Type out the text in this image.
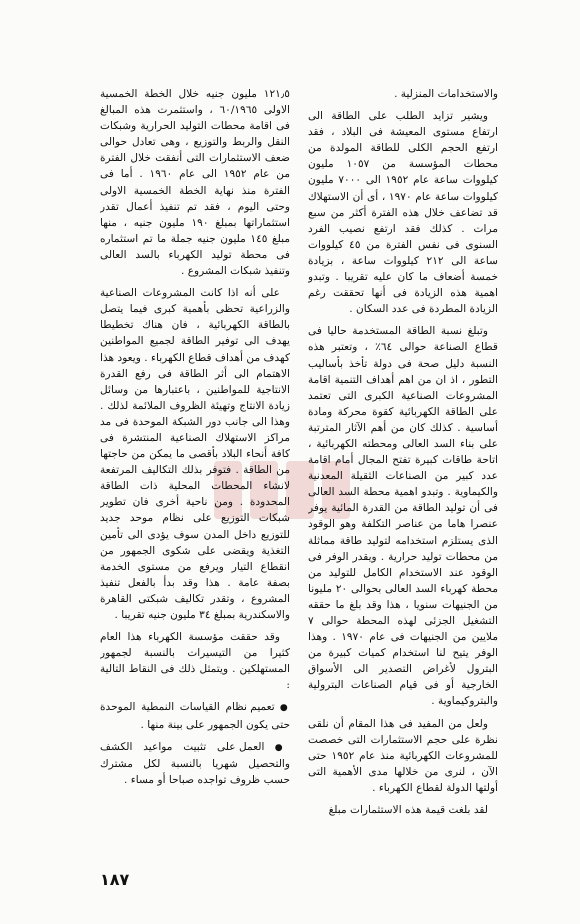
والاستخدامات المنزلية .

ويشير تزايد الطلب على الطاقة الى ارتفاع مستوى المعيشة فى البلاد ، فقد ارتفع الحجم الكلى للطاقة المولدة من محطات المؤسسة من ١٠٥٧ مليون كيلووات ساعة عام ١٩٥٢ الى ٧٠٠٠ مليون كيلووات ساعة عام ١٩٧٠ ، أى أن الاستهلاك قد تضاعف خلال هذه الفترة أكثر من سبع مرات . كذلك فقد ارتفع نصيب الفرد السنوى فى نفس الفترة من ٤٥ كيلووات ساعة الى ٢١٢ كيلووات ساعة ، بزيادة خمسة أضعاف ما كان عليه تقريبا . وتبدو اهمية هذه الزيادة فى أنها تحققت رغم الزيادة المطردة فى عدد السكان .

وتبلغ نسبة الطاقة المستخدمة حاليا فى قطاع الصناعة حوالى ٦٤٪ ، وتعتبر هذه النسبة دليل صحة فى دولة تأخذ بأساليب التطور ، اذ ان من اهم أهداف التنمية اقامة المشروعات الصناعية الكبرى التى تعتمد على الطاقة الكهربائية كقوة محركة ومادة أساسية . كذلك كان من أهم الآثار المترتبة على بناء السد العالى ومحطته الكهربائية ، اتاحة طاقات كبيرة تفتح المجال أمام اقامة عدد كبير من الصناعات الثقيلة المعدنية والكيماوية . وتبدو اهمية محطة السد العالى فى أن توليد الطاقة من القدرة المائية يوفر عنصرا هاما من عناصر التكلفة وهو الوقود الذى يستلزم استخدامه لتوليد طاقة مماثلة من محطات توليد حرارية . ويقدر الوفر فى الوقود عند الاستخدام الكامل للتوليد من محطة كهرباء السد العالى بحوالى ٢٠ مليونا من الجنيهات سنويا ، هذا وقد بلغ ما حققه التشغيل الجزئى لهذه المحطة حوالى ٧ ملايين من الجنيهات فى عام ١٩٧٠ . وهذا الوفر يتيح لنا استخدام كميات كبيرة من البترول لأغراض التصدير الى الأسواق الخارجية أو فى قيام الصناعات البترولية والبتروكيماوية .

ولعل من المفيد فى هذا المقام أن نلقى نظرة على حجم الاستثمارات التى خصصت للمشروعات الكهربائية منذ عام ١٩٥٢ حتى الآن ، لنرى من خلالها مدى الأهمية التى أولتها الدولة لقطاع الكهرباء .

لقد بلغت قيمة هذه الاستثمارات مبلغ

١٢١٫٥ مليون جنيه خلال الخطة الخمسية الاولى ٦٠/١٩٦٥ ، واستثمرت هذه المبالغ فى اقامة محطات التوليد الحرارية وشبكات النقل والربط والتوزيع ، وهى تعادل حوالى ضعف الاستثمارات التى أنفقت خلال الفترة من عام ١٩٥٢ الى عام ١٩٦٠ . أما فى الفترة منذ نهاية الخطة الخمسية الاولى وحتى اليوم ، فقد تم تنفيذ أعمال تقدر استثماراتها بمبلغ ١٩٠ مليون جنيه ، منها مبلغ ١٤٥ مليون جنيه جملة ما تم استثماره فى محطة توليد الكهرباء بالسد العالى وتنفيذ شبكات المشروع .

على أنه اذا كانت المشروعات الصناعية والزراعية تحظى بأهمية كبرى فيما يتصل بالطاقة الكهربائية ، فان هناك تخطيطا يهدف الى توفير الطاقة لجميع المواطنين كهدف من أهداف قطاع الكهرباء . ويعود هذا الاهتمام الى أثر الطاقة فى رفع القدرة الانتاجية للمواطنين ، باعتبارها من وسائل زيادة الانتاج وتهيئة الظروف الملائمة لذلك . وهذا الى جانب دور الشبكة الموحدة فى مد مراكز الاستهلاك الصناعية المنتشرة فى كافة أنحاء البلاد بأقصى ما يمكن من حاجتها من الطاقة . فتوفر بذلك التكاليف المرتفعة لانشاء المحطات المحلية ذات الطاقة المحدودة . ومن ناحية أخرى فان تطوير شبكات التوزيع على نظام موحد جديد للتوزيع داخل المدن سوف يؤدى الى تأمين التغذية ويقضى على شكوى الجمهور من انقطاع التيار ويرفع من مستوى الخدمة بصفة عامة . هذا وقد بدأ بالفعل تنفيذ المشروع ، وتقدر تكاليف شبكتى القاهرة والاسكندرية بمبلغ ٣٤ مليون جنيه تقريبا .

وقد حققت مؤسسة الكهرباء هذا العام كثيرا من التيسيرات بالنسبة لجمهور المستهلكين . ويتمثل ذلك فى النقاط التالية :

● تعميم نظام القياسات النمطية الموحدة حتى يكون الجمهور على بينة منها .

● العمل على تثبيت مواعيد الكشف والتحصيل شهريا بالنسبة لكل مشترك حسب ظروف تواجده صباحا أو مساء .

١٨٧
